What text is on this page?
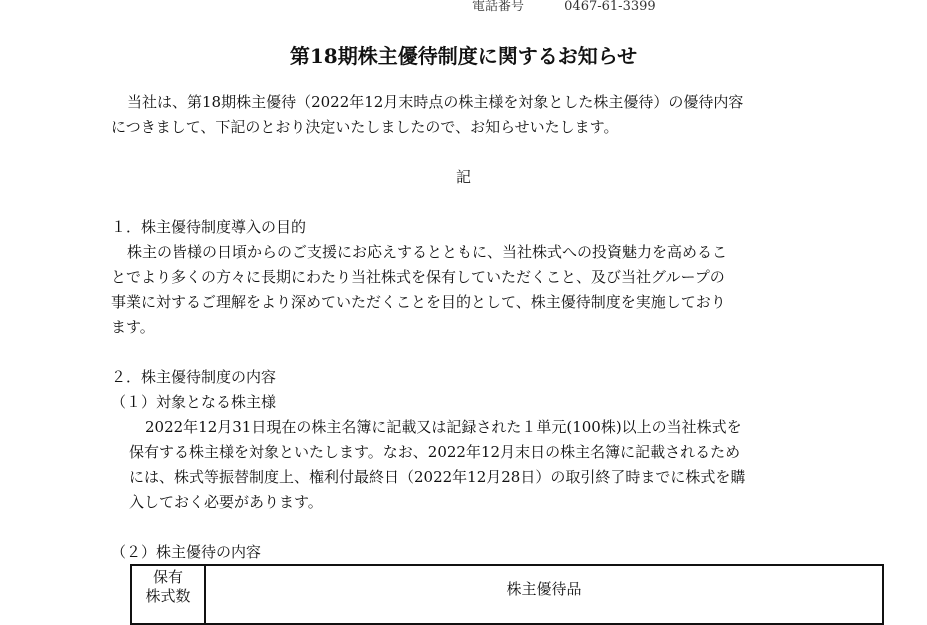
電話番号	0467-61-3399
第18期株主優待制度に関するお知らせ
当社は、第18期株主優待（2022年12月末時点の株主様を対象とした株主優待）の優待内容
につきまして、下記のとおり決定いたしましたので、お知らせいたします。
記
１．株主優待制度導入の目的
株主の皆様の日頃からのご支援にお応えするとともに、当社株式への投資魅力を高めるこ
とでより多くの方々に長期にわたり当社株式を保有していただくこと、及び当社グループの
事業に対するご理解をより深めていただくことを目的として、株主優待制度を実施しており
ます。
２．株主優待制度の内容
（１）対象となる株主様
2022年12月31日現在の株主名簿に記載又は記録された１単元(100株)以上の当社株式を
保有する株主様を対象といたします。なお、2022年12月末日の株主名簿に記載されるため
には、株式等振替制度上、権利付最終日（2022年12月28日）の取引終了時までに株式を購
入しておく必要があります。
（２）株主優待の内容
保有
株式数	株主優待品
